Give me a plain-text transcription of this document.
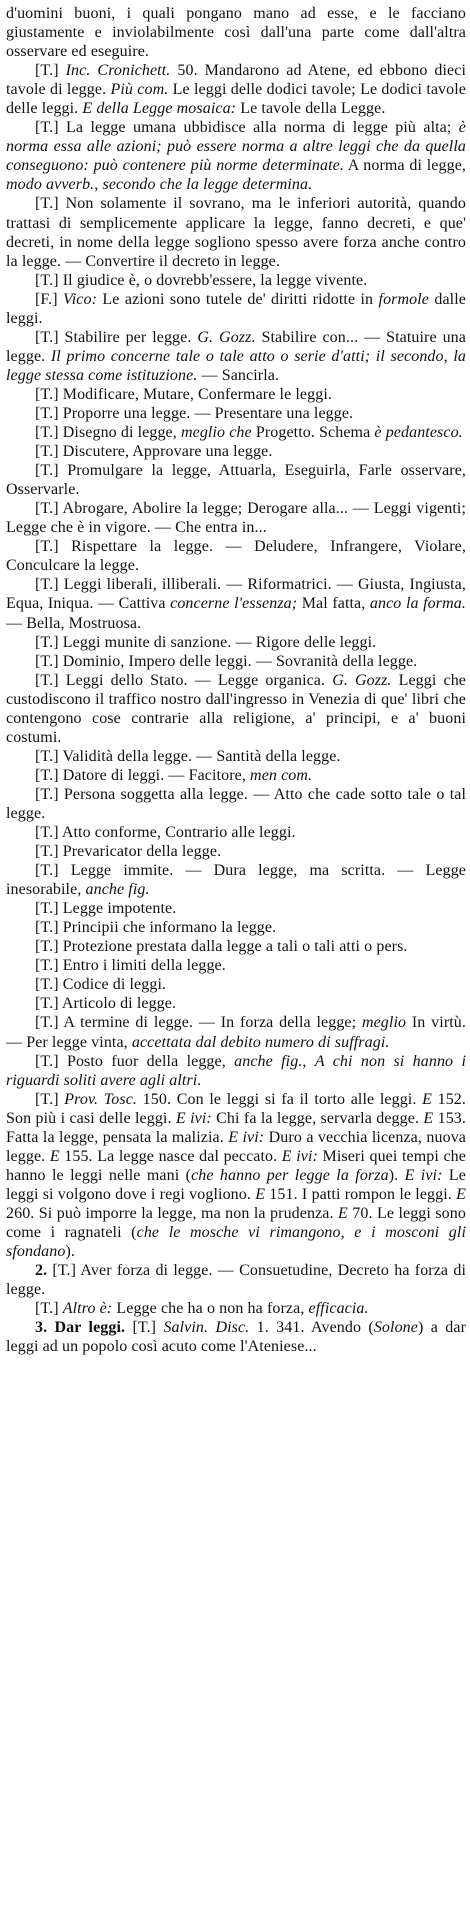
d'uomini buoni, i quali pongano mano ad esse, e le facciano giustamente e inviolabilmente così dall'una parte come dall'altra osservare ed eseguire.

[T.] Inc. Cronichett. 50. Mandarono ad Atene, ed ebbono dieci tavole di legge. Più com. Le leggi delle dodici tavole; Le dodici tavole delle leggi. E della Legge mosaica: Le tavole della Legge.

[T.] La legge umana ubbidisce alla norma di legge più alta; è norma essa alle azioni; può essere norma a altre leggi che da quella conseguono: può contenere più norme determinate. A norma di legge, modo avverb., secondo che la legge determina.

[T.] Non solamente il sovrano, ma le inferiori autorità, quando trattasi di semplicemente applicare la legge, fanno decreti, e que' decreti, in nome della legge sogliono spesso avere forza anche contro la legge. — Convertire il decreto in legge.

[T.] Il giudice è, o dovrebb'essere, la legge vivente.

[F.] Vico: Le azioni sono tutele de' diritti ridotte in formole dalle leggi.

[T.] Stabilire per legge. G. Gozz. Stabilire con... — Statuire una legge. Il primo concerne tale o tale atto o serie d'atti; il secondo, la legge stessa come istituzione. — Sancirla.

[T.] Modificare, Mutare, Confermare le leggi.

[T.] Proporre una legge. — Presentare una legge.

[T.] Disegno di legge, meglio che Progetto. Schema è pedantesco.

[T.] Discutere, Approvare una legge.

[T.] Promulgare la legge, Attuarla, Eseguirla, Farle osservare, Osservarle.

[T.] Abrogare, Abolire la legge; Derogare alla... — Leggi vigenti; Legge che è in vigore. — Che entra in...

[T.] Rispettare la legge. — Deludere, Infrangere, Violare, Conculcare la legge.

[T.] Leggi liberali, illiberali. — Riformatrici. — Giusta, Ingiusta, Equa, Iniqua. — Cattiva concerne l'essenza; Mal fatta, anco la forma. — Bella, Mostruosa.

[T.] Leggi munite di sanzione. — Rigore delle leggi.

[T.] Dominio, Impero delle leggi. — Sovranità della legge.

[T.] Leggi dello Stato. — Legge organica. G. Gozz. Leggi che custodiscono il traffico nostro dall'ingresso in Venezia di que' libri che contengono cose contrarie alla religione, a' principi, e a' buoni costumi.

[T.] Validità della legge. — Santità della legge.

[T.] Datore di leggi. — Facitore, men com.

[T.] Persona soggetta alla legge. — Atto che cade sotto tale o tal legge.

[T.] Atto conforme, Contrario alle leggi.

[T.] Prevaricator della legge.

[T.] Legge immite. — Dura legge, ma scritta. — Legge inesorabile, anche fig.

[T.] Legge impotente.

[T.] Principii che informano la legge.

[T.] Protezione prestata dalla legge a tali o tali atti o pers.

[T.] Entro i limiti della legge.

[T.] Codice di leggi.

[T.] Articolo di legge.

[T.] A termine di legge. — In forza della legge; meglio In virtù. — Per legge vinta, accettata dal debito numero di suffragi.

[T.] Posto fuor della legge, anche fig., A chi non si hanno i riguardi soliti avere agli altri.

[T.] Prov. Tosc. 150. Con le leggi si fa il torto alle leggi. E 152. Son più i casi delle leggi. E ivi: Chi fa la legge, servarla degge. E 153. Fatta la legge, pensata la malizia. E ivi: Duro a vecchia licenza, nuova legge. E 155. La legge nasce dal peccato. E ivi: Miseri quei tempi che hanno le leggi nelle mani (che hanno per legge la forza). E ivi: Le leggi si volgono dove i regi vogliono. E 151. I patti rompon le leggi. E 260. Si può imporre la legge, ma non la prudenza. E 70. Le leggi sono come i ragnateli (che le mosche vi rimangono, e i mosconi gli sfondano).

2. [T.] Aver forza di legge. — Consuetudine, Decreto ha forza di legge.

[T.] Altro è: Legge che ha o non ha forza, efficacia.

3. Dar leggi. [T.] Salvin. Disc. 1. 341. Avendo (Solone) a dar leggi ad un popolo così acuto come l'Ateniese...
